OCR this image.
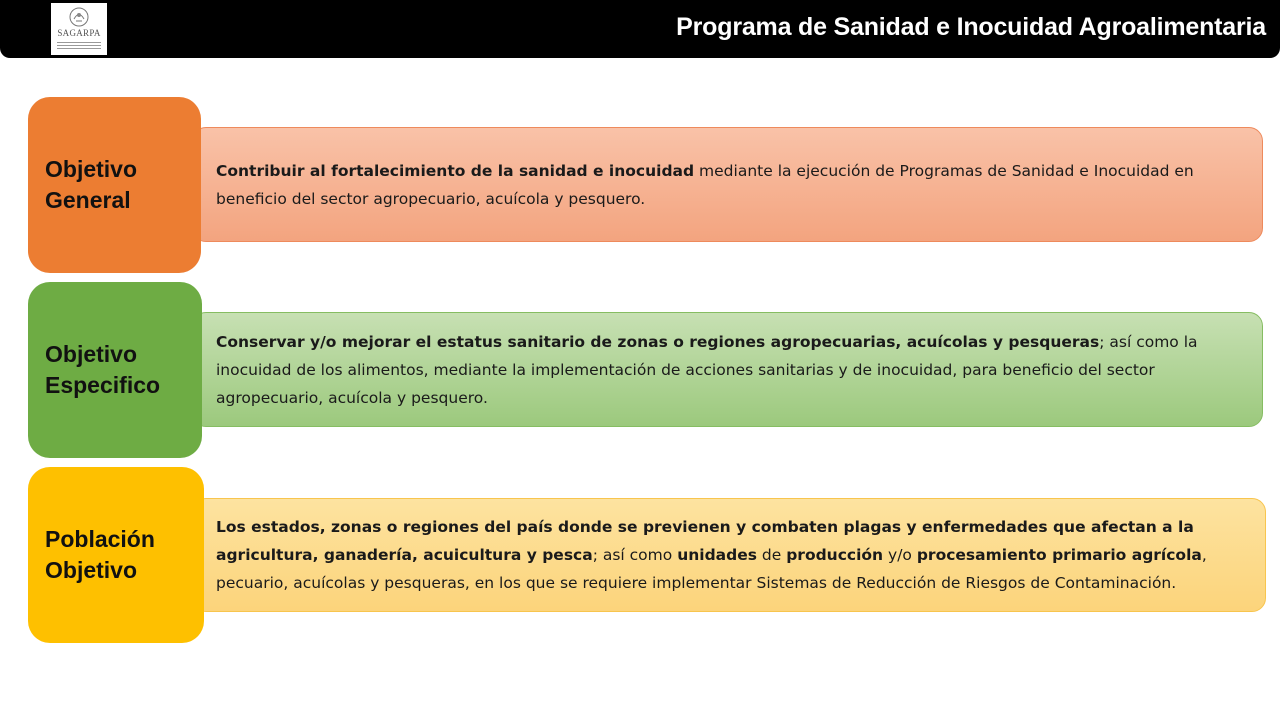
SAGARPA	Programa de Sanidad e Inocuidad Agroalimentaria

Contribuir al fortalecimiento de la sanidad e inocuidad mediante la ejecución de Programas de Sanidad e Inocuidad en beneficio del sector agropecuario, acuícola y pesquero.

Objetivo
General

Conservar y/o mejorar el estatus sanitario de zonas o regiones agropecuarias, acuícolas y pesqueras; así como la inocuidad de los alimentos, mediante la implementación de acciones sanitarias y de inocuidad, para beneficio del sector agropecuario, acuícola y pesquero.

Objetivo
Especifico

Los estados, zonas o regiones del país donde se previenen y combaten plagas y enfermedades que afectan a la agricultura, ganadería, acuicultura y pesca; así como unidades de producción y/o procesamiento primario agrícola, pecuario, acuícolas y pesqueras, en los que se requiere implementar Sistemas de Reducción de Riesgos de Contaminación.

Población
Objetivo
